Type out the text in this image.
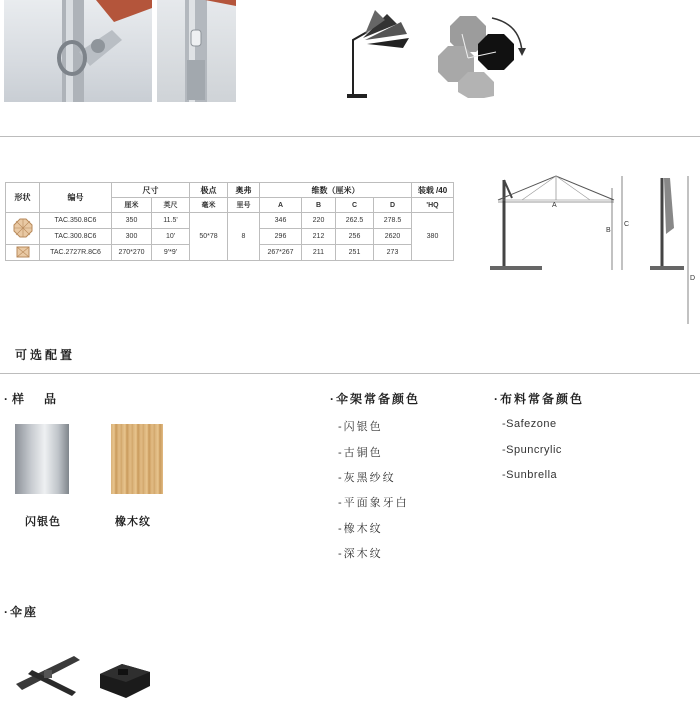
形状	编号	尺寸		极点	奥弗	维数（厘米）				装载 /40
		厘米	英尺	毫米	里号	A	B	C	D	'HQ
	TAC.350.8C6	350	11.5'	50*78	8	346	220	262.5	278.5	380
	TAC.300.8C6	300	10'			296	212	256	2620	
	TAC.2727R.8C6	270*270	9'*9'			267*267	211	251	273	
A
B
C
D
可选配置
·样　品
闪银色	橡木纹
·伞架常备颜色
-闪银色
-古铜色
-灰黑纱纹
-平面象牙白
-橡木纹
-深木纹
·布料常备颜色
-Safezone
-Spuncrylic
-Sunbrella
·伞座
